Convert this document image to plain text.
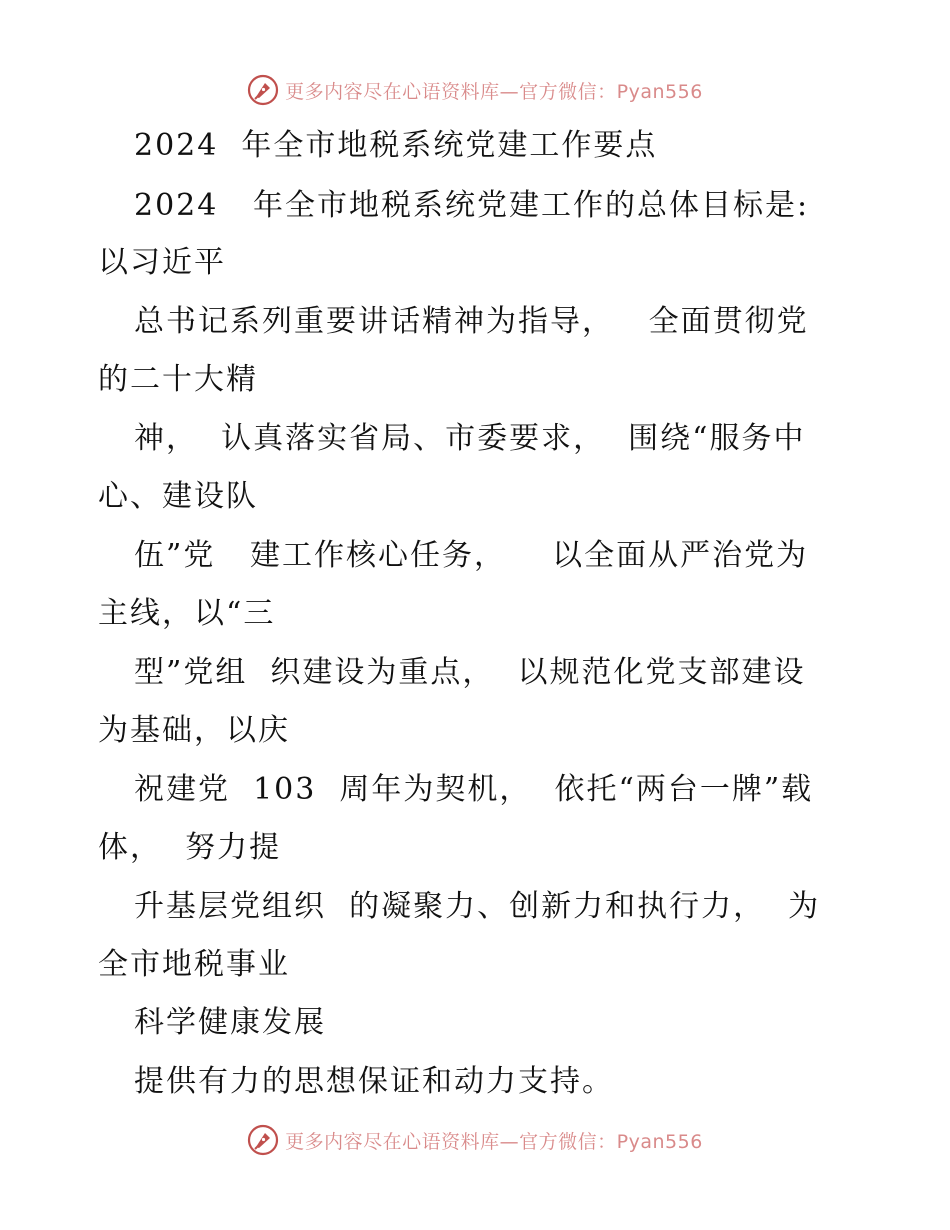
更多内容尽在心语资料库—官方微信：Pyan556
2024  年全市地税系统党建工作要点
2024   年全市地税系统党建工作的总体目标是:
以习近平
总书记系列重要讲话精神为指导，   全面贯彻党
的二十大精
神，  认真落实省局、市委要求，  围绕“服务中
心、建设队
伍”党   建工作核心任务，    以全面从严治党为
主线，以“三
型”党组  织建设为重点，  以规范化党支部建设
为基础，以庆
祝建党  103  周年为契机，  依托“两台一牌”载
体，  努力提
升基层党组织  的凝聚力、创新力和执行力，  为
全市地税事业
科学健康发展
提供有力的思想保证和动力支持。
更多内容尽在心语资料库—官方微信：Pyan556
